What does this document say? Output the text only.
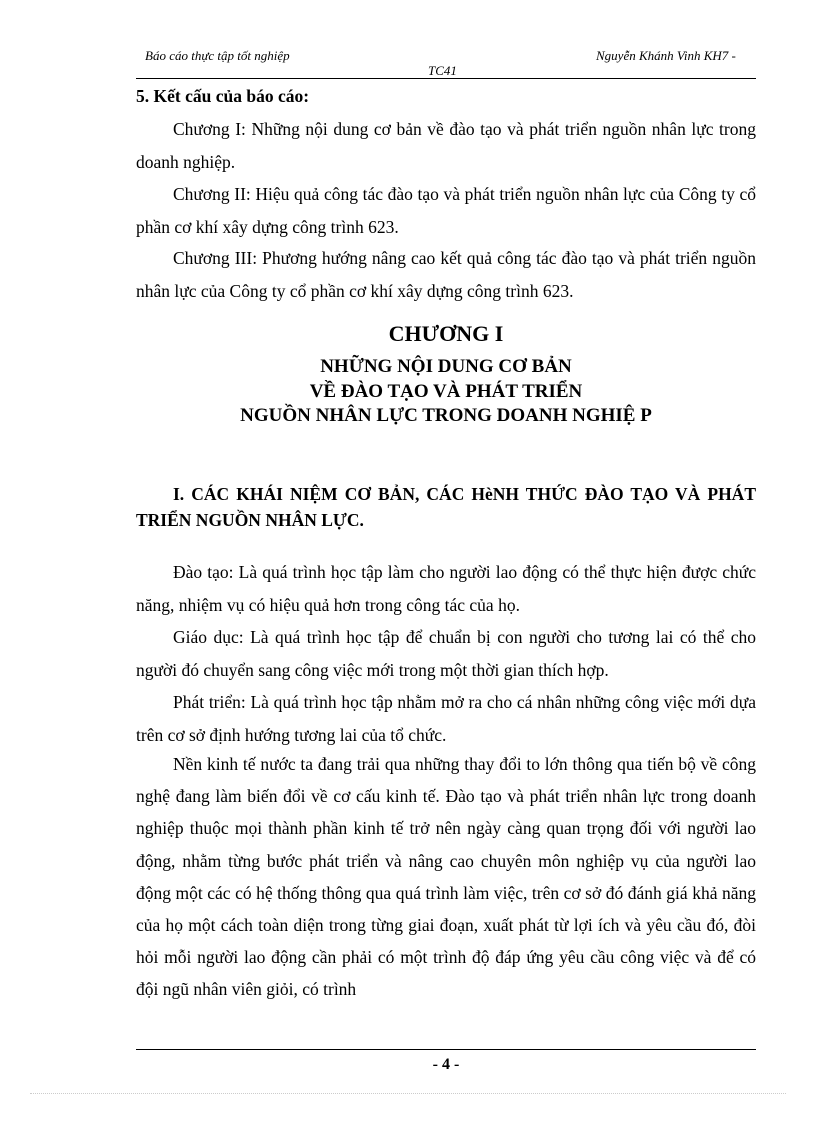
Báo cáo thực tập tốt nghiệp	Nguyễn Khánh Vinh KH7 -
TC41
5. Kết cấu của báo cáo:
Chương I: Những nội dung cơ bản về đào tạo và phát triển nguồn nhân lực trong doanh nghiệp.
Chương II: Hiệu quả công tác đào tạo và phát triển nguồn nhân lực của Công ty cổ phần cơ khí xây dựng công trình 623.
Chương III: Phương hướng nâng cao kết quả công tác đào tạo và phát triển nguồn nhân lực của Công ty cổ phần cơ khí xây dựng công trình 623.
CHƯƠNG I
NHỮNG NỘI DUNG CƠ BẢN
VỀ ĐÀO TẠO VÀ PHÁT TRIỂN
NGUỒN NHÂN LỰC TRONG DOANH NGHIỆ P
I. CÁC KHÁI NIỆM CƠ BẢN, CÁC HèNH THỨC ĐÀO TẠO VÀ PHÁT TRIỂN NGUỒN NHÂN LỰC.
Đào tạo: Là quá trình học tập làm cho người lao động có thể thực hiện được chức năng, nhiệm vụ có hiệu quả hơn trong công tác của họ.
Giáo dục: Là quá trình học tập để chuẩn bị con người cho tương lai có thể cho người đó chuyển sang công việc mới trong một thời gian thích hợp.
Phát triển: Là quá trình học tập nhằm mở ra cho cá nhân những công việc mới dựa trên cơ sở định hướng tương lai của tổ chức.
Nền kinh tế nước ta đang trải qua những thay đổi to lớn thông qua tiến bộ về công nghệ đang làm biến đổi về cơ cấu kinh tế. Đào tạo và phát triển nhân lực trong doanh nghiệp thuộc mọi thành phần kinh tế trở nên ngày càng quan trọng đối với người lao động, nhằm từng bước phát triển và nâng cao chuyên môn nghiệp vụ của người lao động một các có hệ thống thông qua quá trình làm việc, trên cơ sở đó đánh giá khả năng của họ một cách toàn diện trong từng giai đoạn, xuất phát từ lợi ích và yêu cầu đó, đòi hỏi mỗi người lao động cần phải có một trình độ đáp ứng yêu cầu công việc và để có đội ngũ nhân viên giỏi, có trình
- 4 -
